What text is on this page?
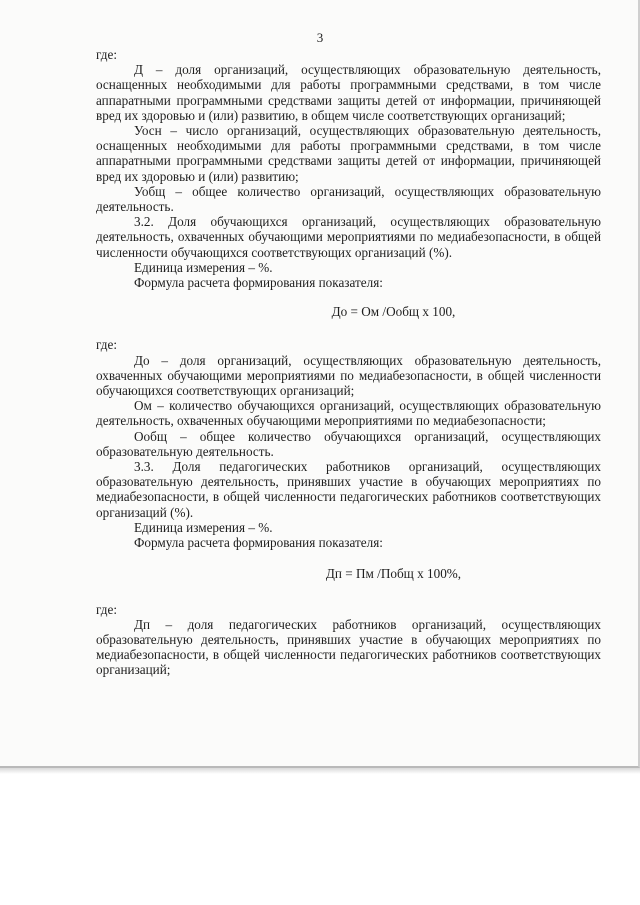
3

где:

Д – доля организаций, осуществляющих образовательную деятельность, оснащенных необходимыми для работы программными средствами, в том числе аппаратными программными средствами защиты детей от информации, причиняющей вред их здоровью и (или) развитию, в общем числе соответствующих организаций;

Уосн – число организаций, осуществляющих образовательную деятельность, оснащенных необходимыми для работы программными средствами, в том числе аппаратными программными средствами защиты детей от информации, причиняющей вред их здоровью и (или) развитию;

Уобщ – общее количество организаций, осуществляющих образовательную деятельность.

3.2. Доля обучающихся организаций, осуществляющих образовательную деятельность, охваченных обучающими мероприятиями по медиабезопасности, в общей численности обучающихся соответствующих организаций (%).

Единица измерения – %.

Формула расчета формирования показателя:

До = Ом /Ообщ х 100,

где:

До – доля организаций, осуществляющих образовательную деятельность, охваченных обучающими мероприятиями по медиабезопасности, в общей численности обучающихся соответствующих организаций;

Ом – количество обучающихся организаций, осуществляющих образовательную деятельность, охваченных обучающими мероприятиями по медиабезопасности;

Ообщ – общее количество обучающихся организаций, осуществляющих образовательную деятельность.

3.3. Доля педагогических работников организаций, осуществляющих образовательную деятельность, принявших участие в обучающих мероприятиях по медиабезопасности, в общей численности педагогических работников соответствующих организаций (%).

Единица измерения – %.

Формула расчета формирования показателя:

Дп = Пм /Побщ х 100%,

где:

Дп – доля педагогических работников организаций, осуществляющих образовательную деятельность, принявших участие в обучающих мероприятиях по медиабезопасности, в общей численности педагогических работников соответствующих организаций;
